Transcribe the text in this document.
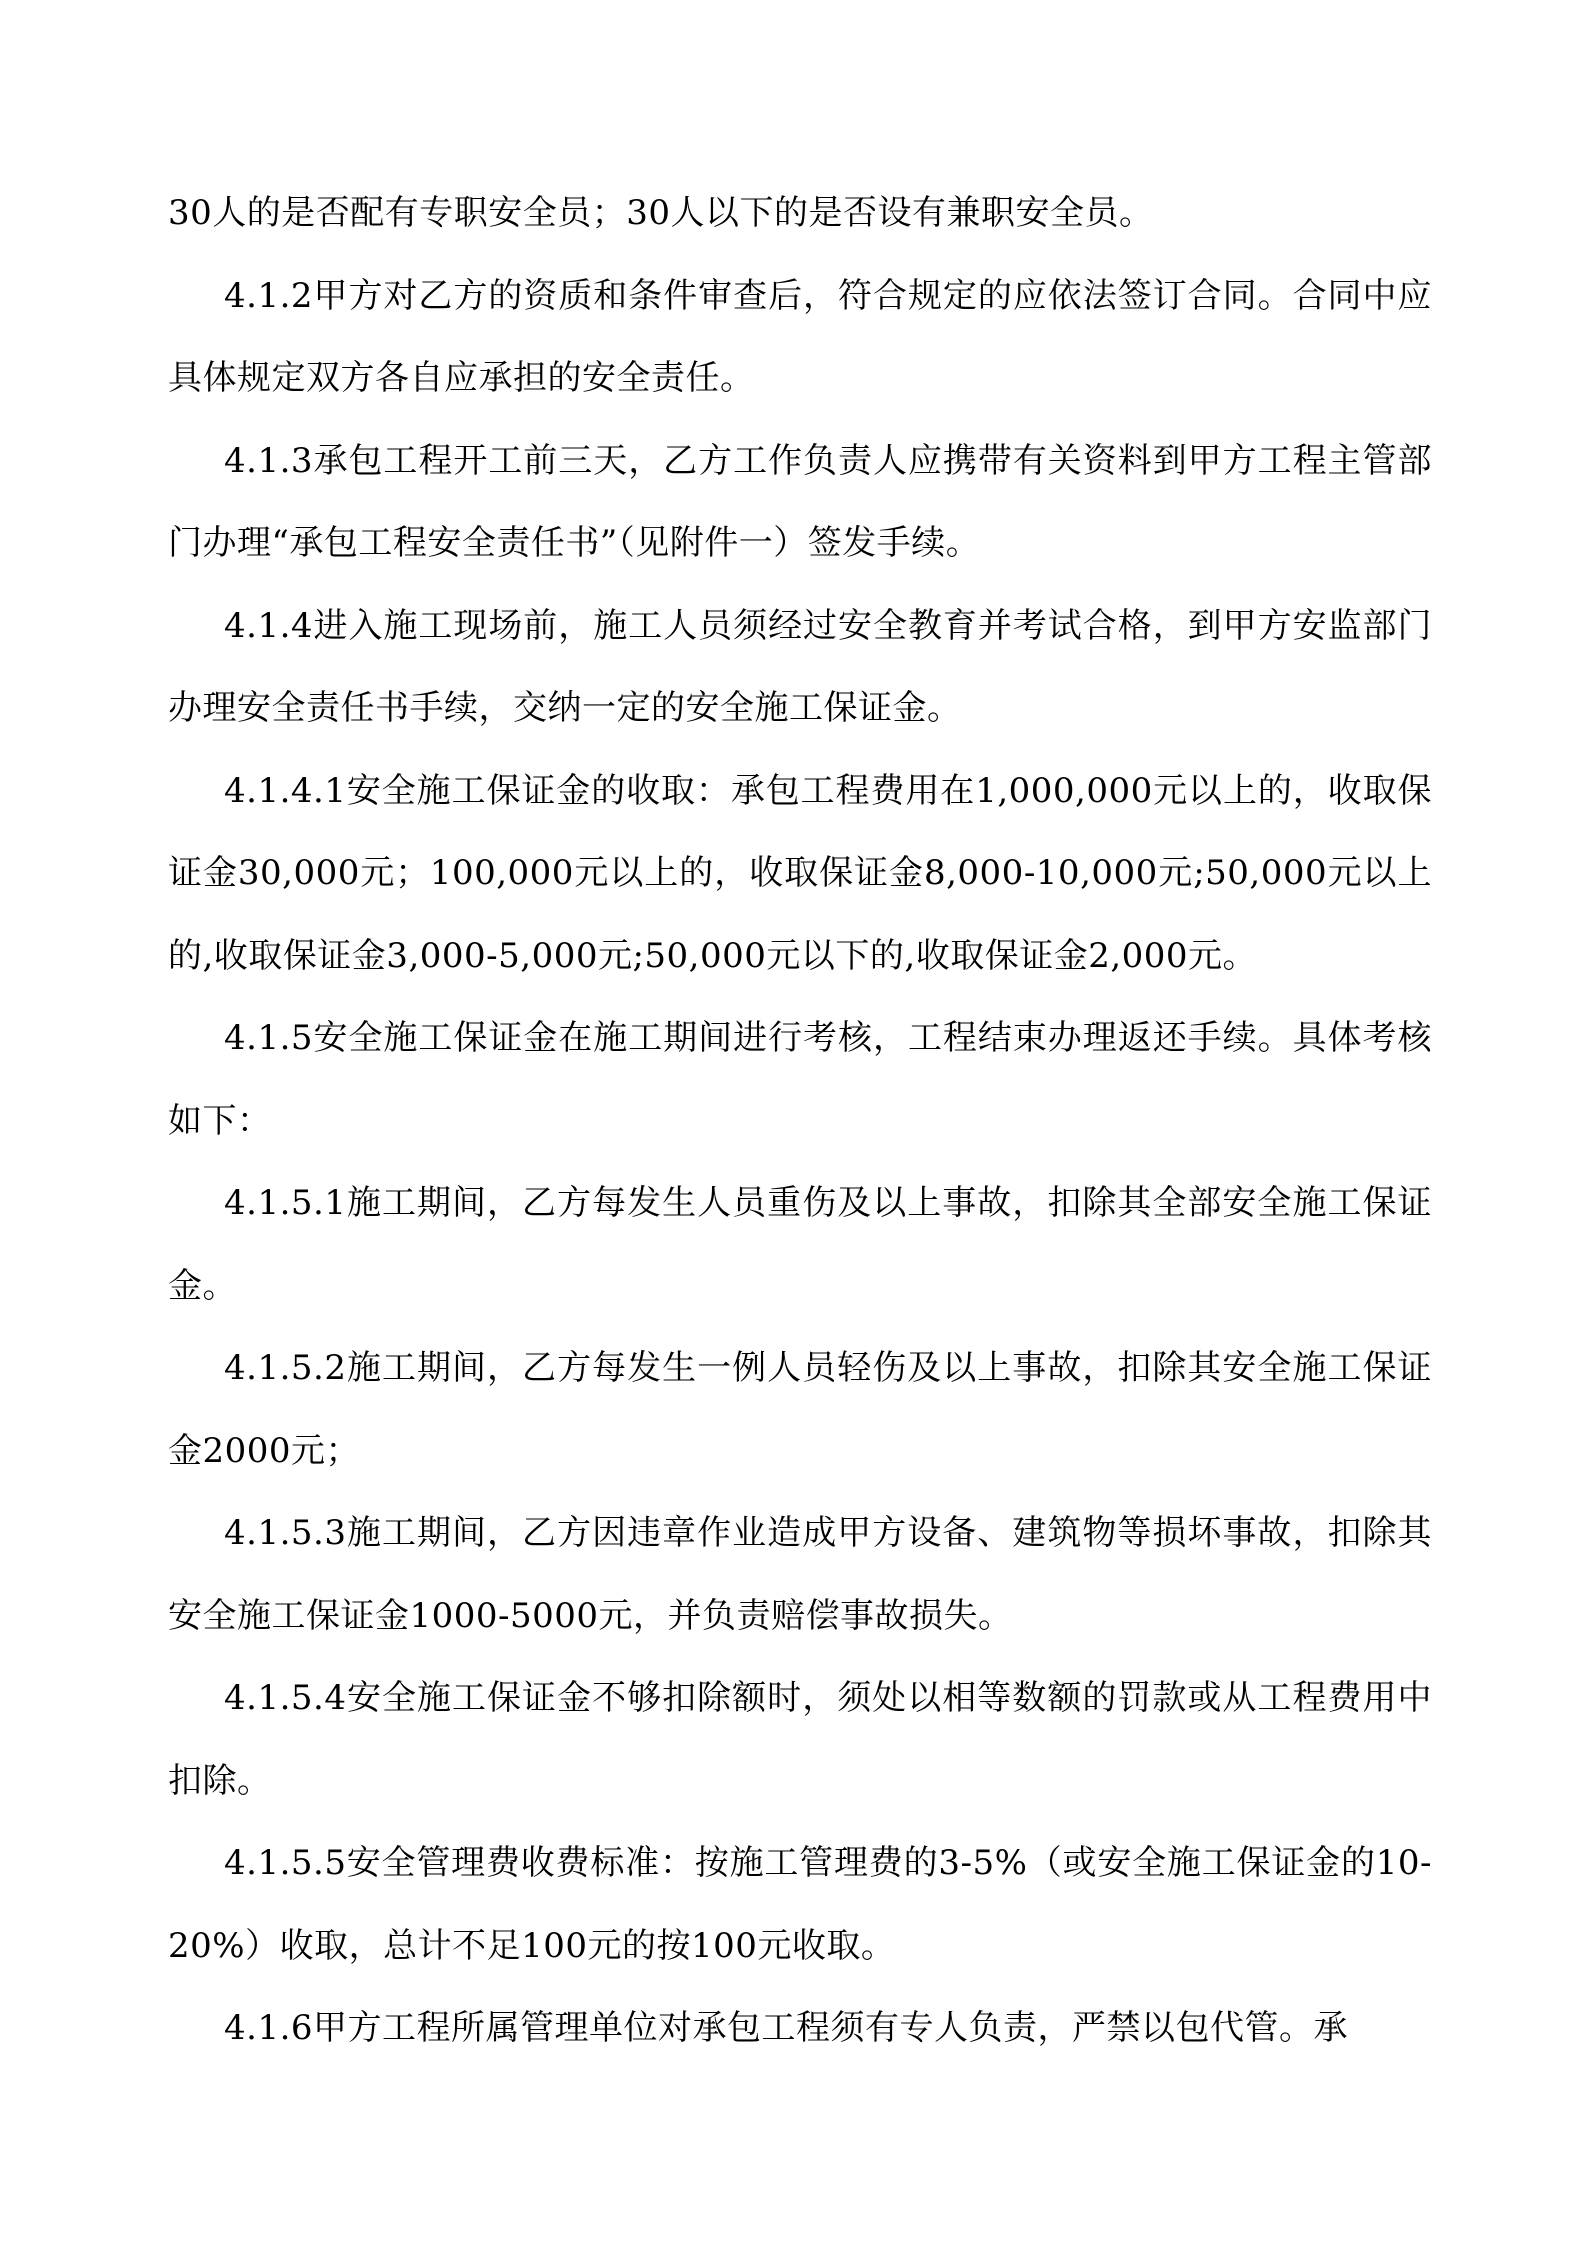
30人的是否配有专职安全员；30人以下的是否设有兼职安全员。

4.1.2甲方对乙方的资质和条件审查后，符合规定的应依法签订合同。合同中应具体规定双方各自应承担的安全责任。

4.1.3承包工程开工前三天，乙方工作负责人应携带有关资料到甲方工程主管部门办理“承包工程安全责任书”（见附件一）签发手续。

4.1.4进入施工现场前，施工人员须经过安全教育并考试合格，到甲方安监部门办理安全责任书手续，交纳一定的安全施工保证金。

4.1.4.1安全施工保证金的收取：承包工程费用在1,000,000元以上的，收取保证金30,000元；100,000元以上的，收取保证金8,000-10,000元;50,000元以上的,收取保证金3,000-5,000元;50,000元以下的,收取保证金2,000元。

4.1.5安全施工保证金在施工期间进行考核，工程结束办理返还手续。具体考核如下：

4.1.5.1施工期间，乙方每发生人员重伤及以上事故，扣除其全部安全施工保证金。

4.1.5.2施工期间，乙方每发生一例人员轻伤及以上事故，扣除其安全施工保证金2000元；

4.1.5.3施工期间，乙方因违章作业造成甲方设备、建筑物等损坏事故，扣除其安全施工保证金1000-5000元，并负责赔偿事故损失。

4.1.5.4安全施工保证金不够扣除额时，须处以相等数额的罚款或从工程费用中扣除。

4.1.5.5安全管理费收费标准：按施工管理费的3-5%（或安全施工保证金的10-20%）收取，总计不足100元的按100元收取。

4.1.6甲方工程所属管理单位对承包工程须有专人负责，严禁以包代管。承
